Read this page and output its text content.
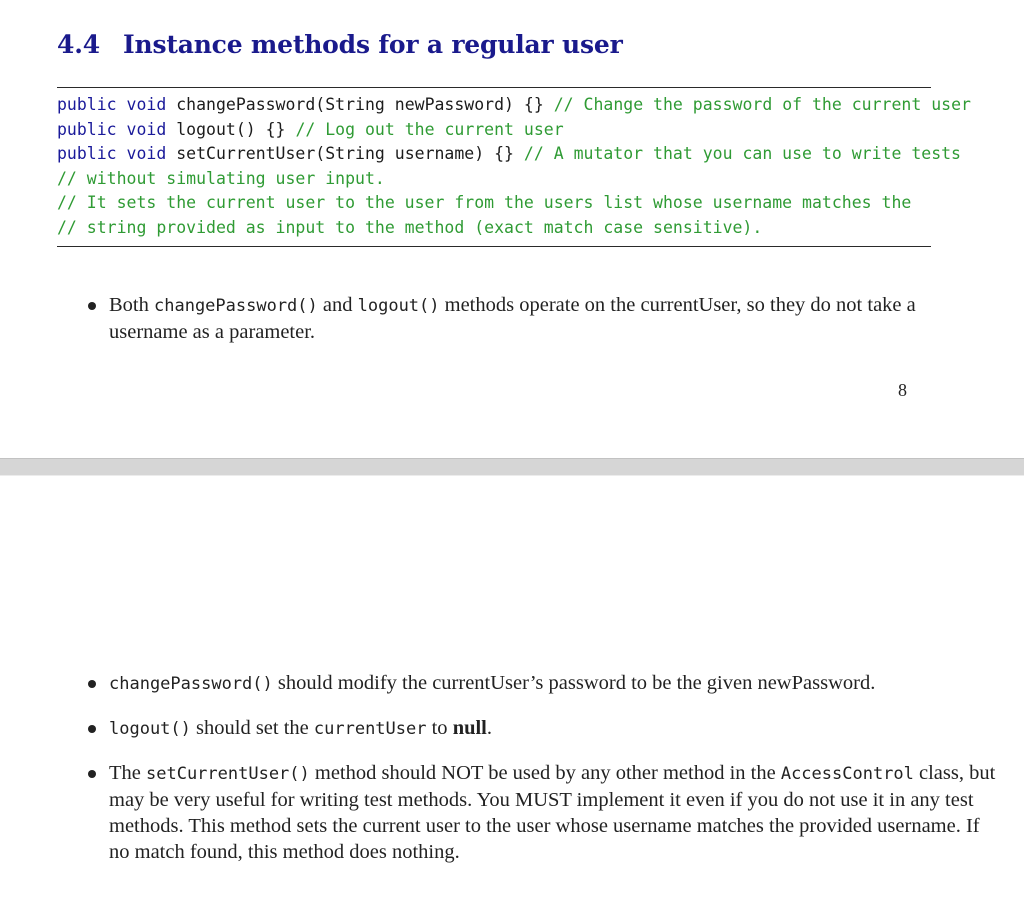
4.4 Instance methods for a regular user
public void changePassword(String newPassword) {} // Change the password of the current user
public void logout() {} // Log out the current user
public void setCurrentUser(String username) {} // A mutator that you can use to write tests
// without simulating user input.
// It sets the current user to the user from the users list whose username matches the
// string provided as input to the method (exact match case sensitive).
Both changePassword() and logout() methods operate on the currentUser, so they do not take a username as a parameter.
8
changePassword() should modify the currentUser’s password to be the given newPassword.
logout() should set the currentUser to null.
The setCurrentUser() method should NOT be used by any other method in the AccessControl class, but may be very useful for writing test methods. You MUST implement it even if you do not use it in any test methods. This method sets the current user to the user whose username matches the provided username. If no match found, this method does nothing.
